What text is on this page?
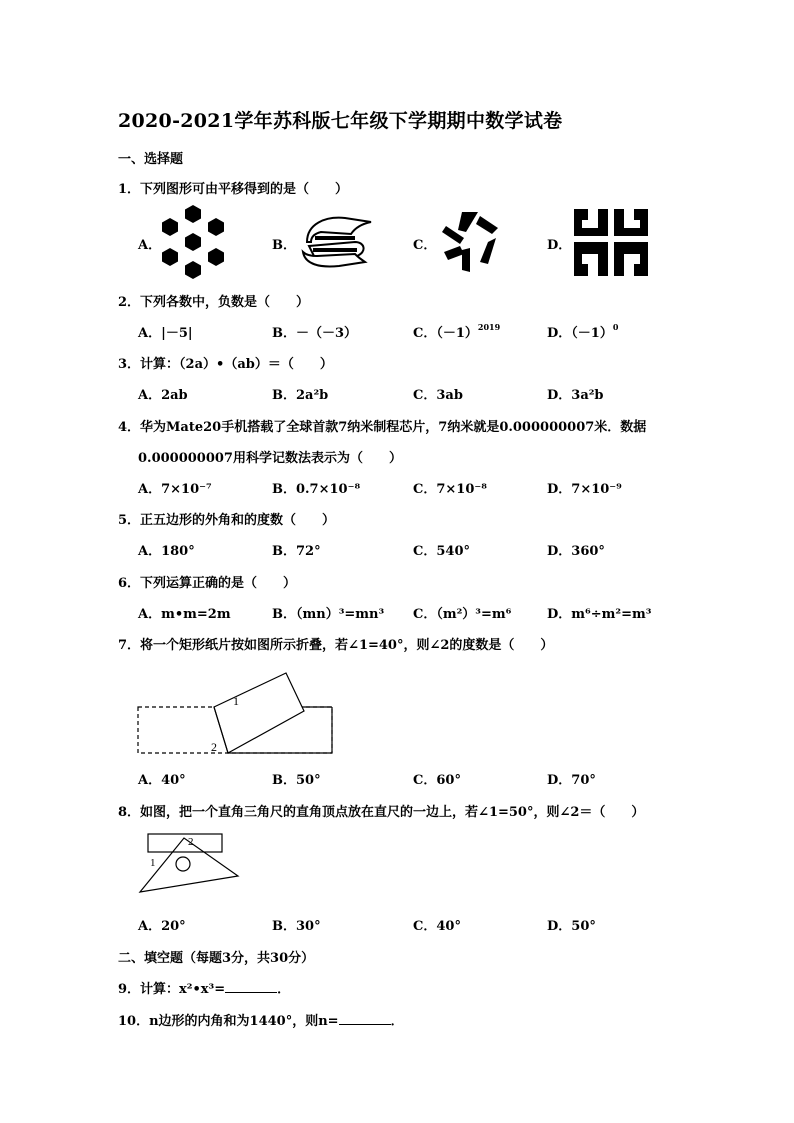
2020-2021学年苏科版七年级下学期期中数学试卷
一、选择题
1．下列图形可由平移得到的是（　　）
A．	B．	C．	D．
2．下列各数中，负数是（　　）
A．|－5|	B．－（－3）	C．$(-1)^{2019}$	D．$(-1)^0$
3．计算：（2a）•（ab）＝（　　）
A．2ab	B．2a²b	C．3ab	D．3a²b
4．华为Mate20手机搭载了全球首款7纳米制程芯片，7纳米就是0.000000007米．数据
0.000000007用科学记数法表示为（　　）
A．7×10⁻⁷	B．0.7×10⁻⁸	C．7×10⁻⁸	D．7×10⁻⁹
5．正五边形的外角和的度数（　　）
A．180°	B．72°	C．540°	D．360°
6．下列运算正确的是（　　）
A．m•m=2m	B．（mn）³=mn³ C．（m²）³=m⁶	D．m⁶÷m²=m³
7．将一个矩形纸片按如图所示折叠，若∠1=40°，则∠2的度数是（　　）
1
2
A．40°	B．50°	C．60°	D．70°
8．如图，把一个直角三角尺的直角顶点放在直尺的一边上，若∠1=50°，则∠2＝（　　）
2
1
A．20°	B．30°	C．40°	D．50°
二、填空题（每题3分，共30分）
9．计算：x²•x³=	．
10．n边形的内角和为1440°，则n=	．
